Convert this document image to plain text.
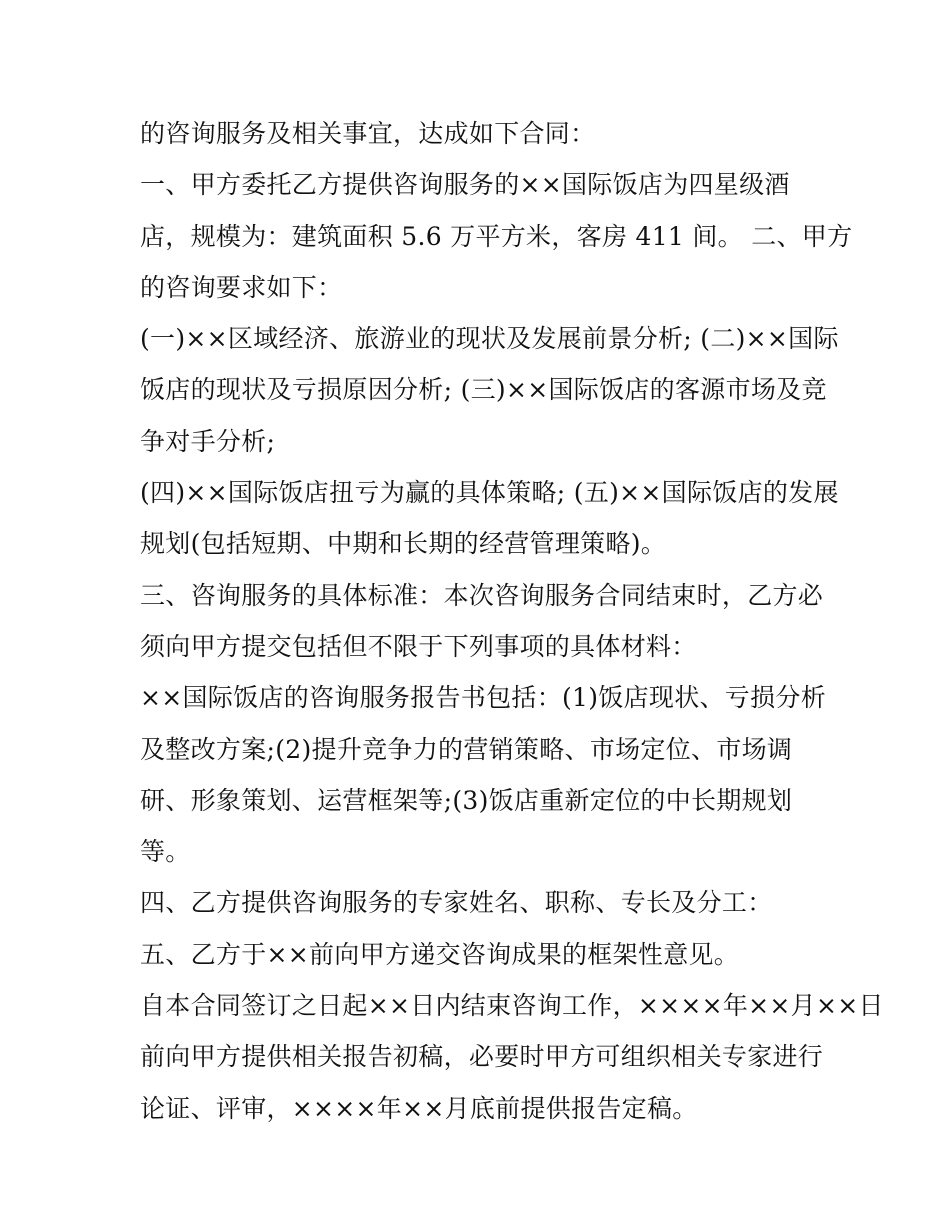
的咨询服务及相关事宜，达成如下合同：
一、甲方委托乙方提供咨询服务的××国际饭店为四星级酒
店，规模为：建筑面积 5.6 万平方米，客房 411 间。 二、甲方
的咨询要求如下：
(一)××区域经济、旅游业的现状及发展前景分析; (二)××国际
饭店的现状及亏损原因分析; (三)××国际饭店的客源市场及竞
争对手分析;
(四)××国际饭店扭亏为赢的具体策略; (五)××国际饭店的发展
规划(包括短期、中期和长期的经营管理策略)。
三、咨询服务的具体标准：本次咨询服务合同结束时，乙方必
须向甲方提交包括但不限于下列事项的具体材料：
××国际饭店的咨询服务报告书包括：(1)饭店现状、亏损分析
及整改方案;(2)提升竞争力的营销策略、市场定位、市场调
研、形象策划、运营框架等;(3)饭店重新定位的中长期规划
等。
四、乙方提供咨询服务的专家姓名、职称、专长及分工：
五、乙方于××前向甲方递交咨询成果的框架性意见。
自本合同签订之日起××日内结束咨询工作，××××年××月××日
前向甲方提供相关报告初稿，必要时甲方可组织相关专家进行
论证、评审，××××年××月底前提供报告定稿。
